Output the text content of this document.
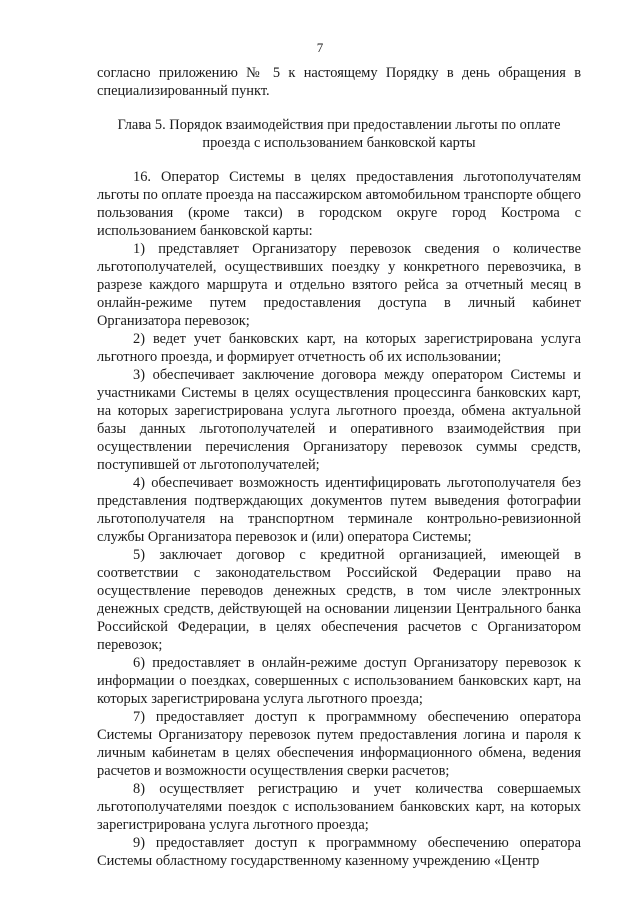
7

согласно приложению № 5 к настоящему Порядку в день обращения в специализированный пункт.

Глава 5. Порядок взаимодействия при предоставлении льготы по оплате проезда с использованием банковской карты

16. Оператор Системы в целях предоставления льготополучателям льготы по оплате проезда на пассажирском автомобильном транспорте общего пользования (кроме такси) в городском округе город Кострома с использованием банковской карты:

1) представляет Организатору перевозок сведения о количестве льготополучателей, осуществивших поездку у конкретного перевозчика, в разрезе каждого маршрута и отдельно взятого рейса за отчетный месяц в онлайн-режиме путем предоставления доступа в личный кабинет Организатора перевозок;

2) ведет учет банковских карт, на которых зарегистрирована услуга льготного проезда, и формирует отчетность об их использовании;

3) обеспечивает заключение договора между оператором Системы и участниками Системы в целях осуществления процессинга банковских карт, на которых зарегистрирована услуга льготного проезда, обмена актуальной базы данных льготополучателей и оперативного взаимодействия при осуществлении перечисления Организатору перевозок суммы средств, поступившей от льготополучателей;

4) обеспечивает возможность идентифицировать льготополучателя без представления подтверждающих документов путем выведения фотографии льготополучателя на транспортном терминале контрольно-ревизионной службы Организатора перевозок и (или) оператора Системы;

5) заключает договор с кредитной организацией, имеющей в соответствии с законодательством Российской Федерации право на осуществление переводов денежных средств, в том числе электронных денежных средств, действующей на основании лицензии Центрального банка Российской Федерации, в целях обеспечения расчетов с Организатором перевозок;

6) предоставляет в онлайн-режиме доступ Организатору перевозок к информации о поездках, совершенных с использованием банковских карт, на которых зарегистрирована услуга льготного проезда;

7) предоставляет доступ к программному обеспечению оператора Системы Организатору перевозок путем предоставления логина и пароля к личным кабинетам в целях обеспечения информационного обмена, ведения расчетов и возможности осуществления сверки расчетов;

8) осуществляет регистрацию и учет количества совершаемых льготополучателями поездок с использованием банковских карт, на которых зарегистрирована услуга льготного проезда;

9) предоставляет доступ к программному обеспечению оператора Системы областному государственному казенному учреждению «Центр
